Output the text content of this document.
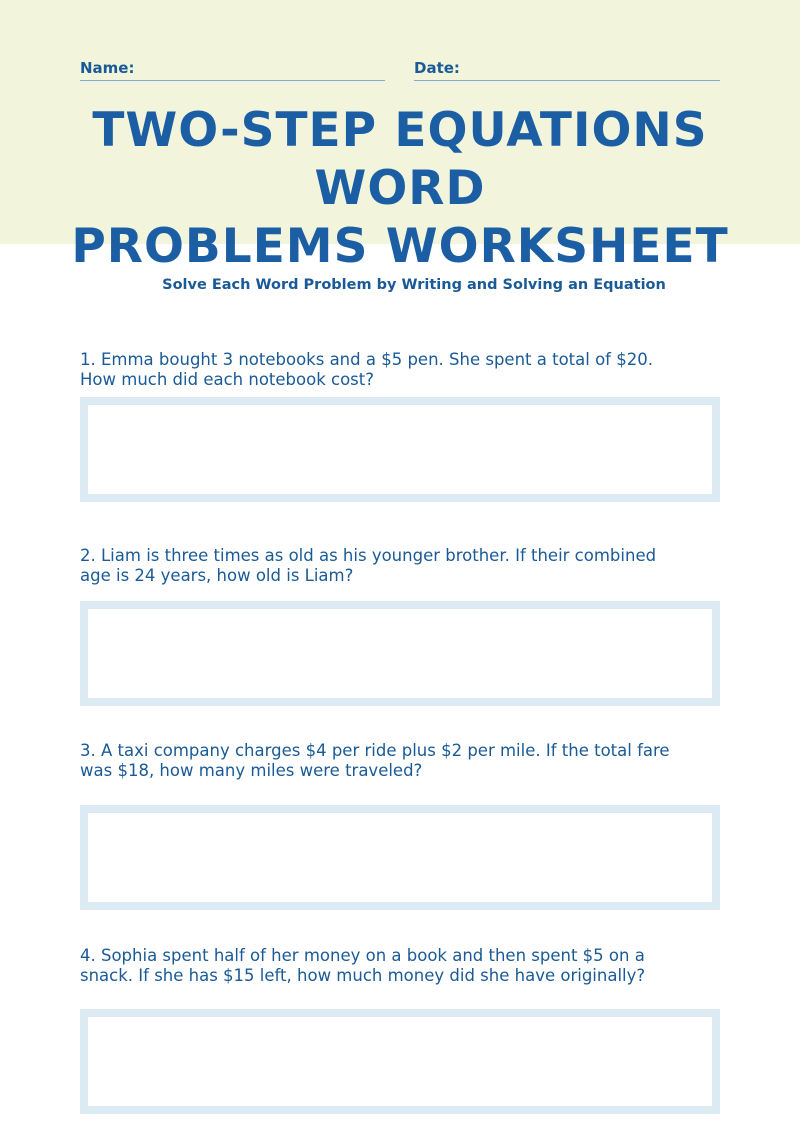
Name:	Date:
TWO-STEP EQUATIONS WORD
PROBLEMS WORKSHEET

Solve Each Word Problem by Writing and Solving an Equation

1. Emma bought 3 notebooks and a $5 pen. She spent a total of $20.
How much did each notebook cost?

2. Liam is three times as old as his younger brother. If their combined
age is 24 years, how old is Liam?

3. A taxi company charges $4 per ride plus $2 per mile. If the total fare
was $18, how many miles were traveled?

4. Sophia spent half of her money on a book and then spent $5 on a
snack. If she has $15 left, how much money did she have originally?
